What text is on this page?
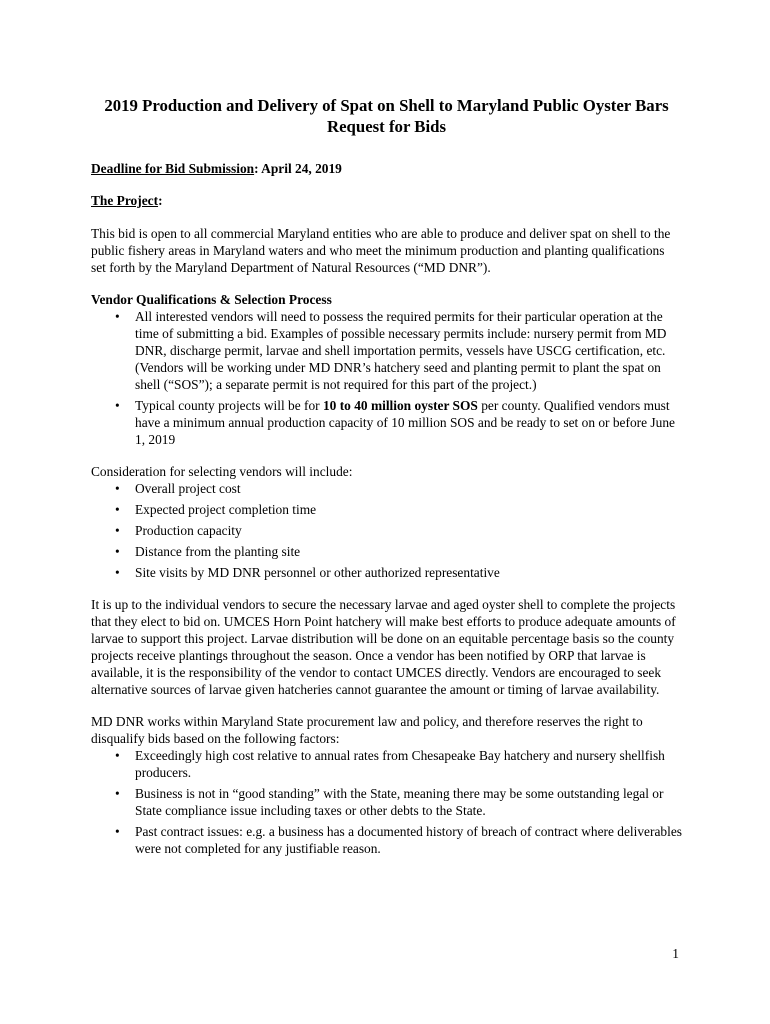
2019 Production and Delivery of Spat on Shell to Maryland Public Oyster Bars Request for Bids

Deadline for Bid Submission: April 24, 2019

The Project:

This bid is open to all commercial Maryland entities who are able to produce and deliver spat on shell to the public fishery areas in Maryland waters and who meet the minimum production and planting qualifications set forth by the Maryland Department of Natural Resources (“MD DNR”).

Vendor Qualifications & Selection Process

• All interested vendors will need to possess the required permits for their particular operation at the time of submitting a bid. Examples of possible necessary permits include: nursery permit from MD DNR, discharge permit, larvae and shell importation permits, vessels have USCG certification, etc. (Vendors will be working under MD DNR’s hatchery seed and planting permit to plant the spat on shell (“SOS”); a separate permit is not required for this part of the project.)
• Typical county projects will be for 10 to 40 million oyster SOS per county. Qualified vendors must have a minimum annual production capacity of 10 million SOS and be ready to set on or before June 1, 2019

Consideration for selecting vendors will include:

• Overall project cost
• Expected project completion time
• Production capacity
• Distance from the planting site
• Site visits by MD DNR personnel or other authorized representative

It is up to the individual vendors to secure the necessary larvae and aged oyster shell to complete the projects that they elect to bid on. UMCES Horn Point hatchery will make best efforts to produce adequate amounts of larvae to support this project. Larvae distribution will be done on an equitable percentage basis so the county projects receive plantings throughout the season. Once a vendor has been notified by ORP that larvae is available, it is the responsibility of the vendor to contact UMCES directly. Vendors are encouraged to seek alternative sources of larvae given hatcheries cannot guarantee the amount or timing of larvae availability.

MD DNR works within Maryland State procurement law and policy, and therefore reserves the right to disqualify bids based on the following factors:

• Exceedingly high cost relative to annual rates from Chesapeake Bay hatchery and nursery shellfish producers.
• Business is not in “good standing” with the State, meaning there may be some outstanding legal or State compliance issue including taxes or other debts to the State.
• Past contract issues: e.g. a business has a documented history of breach of contract where deliverables were not completed for any justifiable reason.
1
